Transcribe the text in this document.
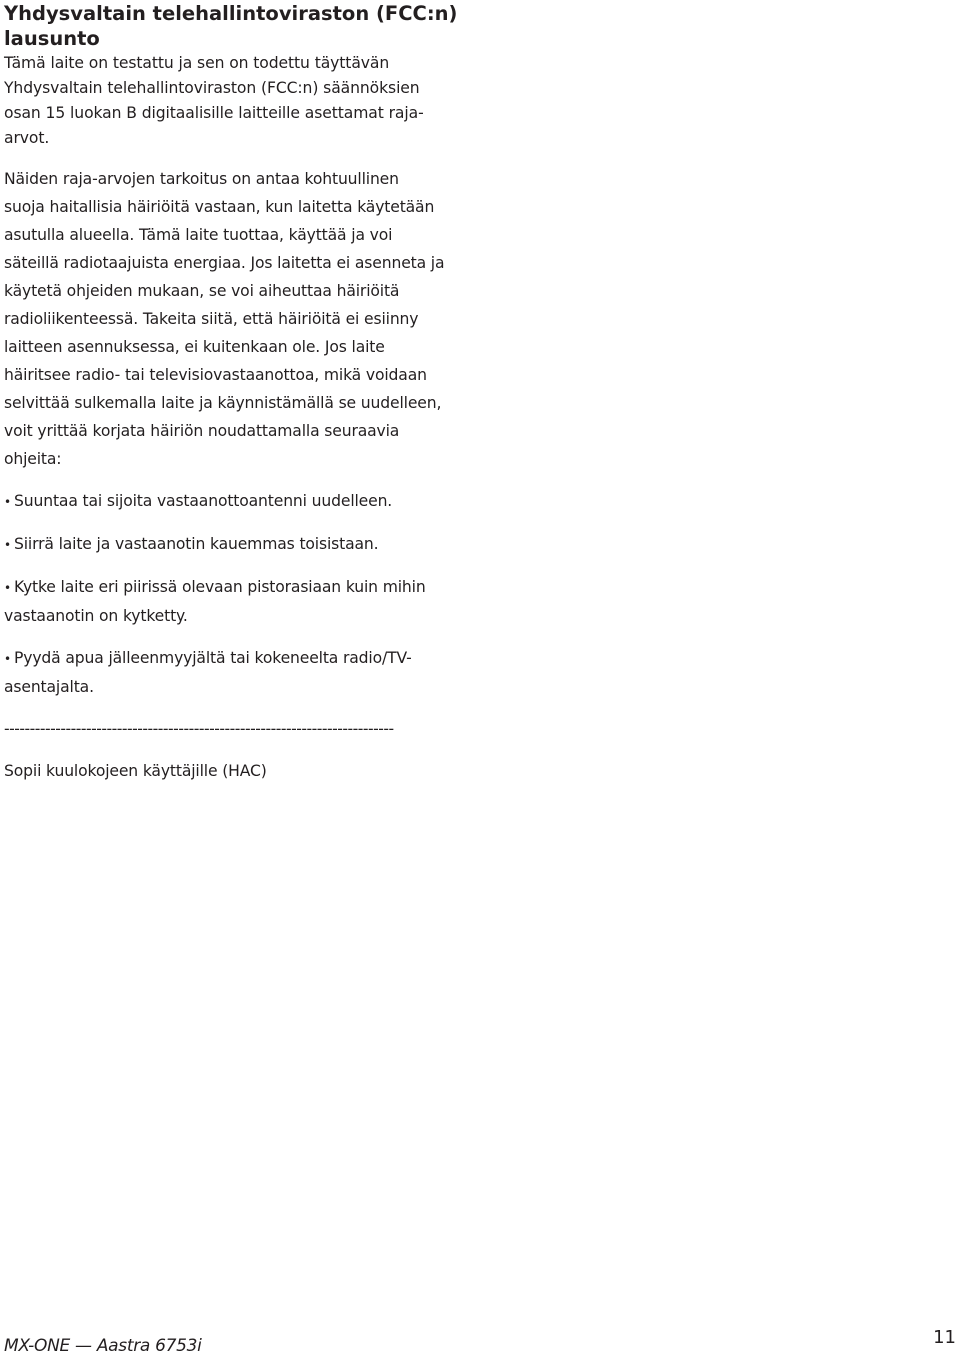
Yhdysvaltain telehallintoviraston (FCC:n)
lausunto
Tämä laite on testattu ja sen on todettu täyttävän
Yhdysvaltain telehallintoviraston (FCC:n) säännöksien
osan 15 luokan B digitaalisille laitteille asettamat raja-
arvot.
Näiden raja-arvojen tarkoitus on antaa kohtuullinen
suoja haitallisia häiriöitä vastaan, kun laitetta käytetään
asutulla alueella. Tämä laite tuottaa, käyttää ja voi
säteillä radiotaajuista energiaa. Jos laitetta ei asenneta ja
käytetä ohjeiden mukaan, se voi aiheuttaa häiriöitä
radioliikenteessä. Takeita siitä, että häiriöitä ei esiinny
laitteen asennuksessa, ei kuitenkaan ole. Jos laite
häiritsee radio- tai televisiovastaanottoa, mikä voidaan
selvittää sulkemalla laite ja käynnistämällä se uudelleen,
voit yrittää korjata häiriön noudattamalla seuraavia
ohjeita:
• Suuntaa tai sijoita vastaanottoantenni uudelleen.
• Siirrä laite ja vastaanotin kauemmas toisistaan.
• Kytke laite eri piirissä olevaan pistorasiaan kuin mihin
vastaanotin on kytketty.
• Pyydä apua jälleenmyyjältä tai kokeneelta radio/TV-
asentajalta.
----------------------------------------------------------------------------
Sopii kuulokojeen käyttäjille (HAC)
MX-ONE — Aastra 6753i	11
